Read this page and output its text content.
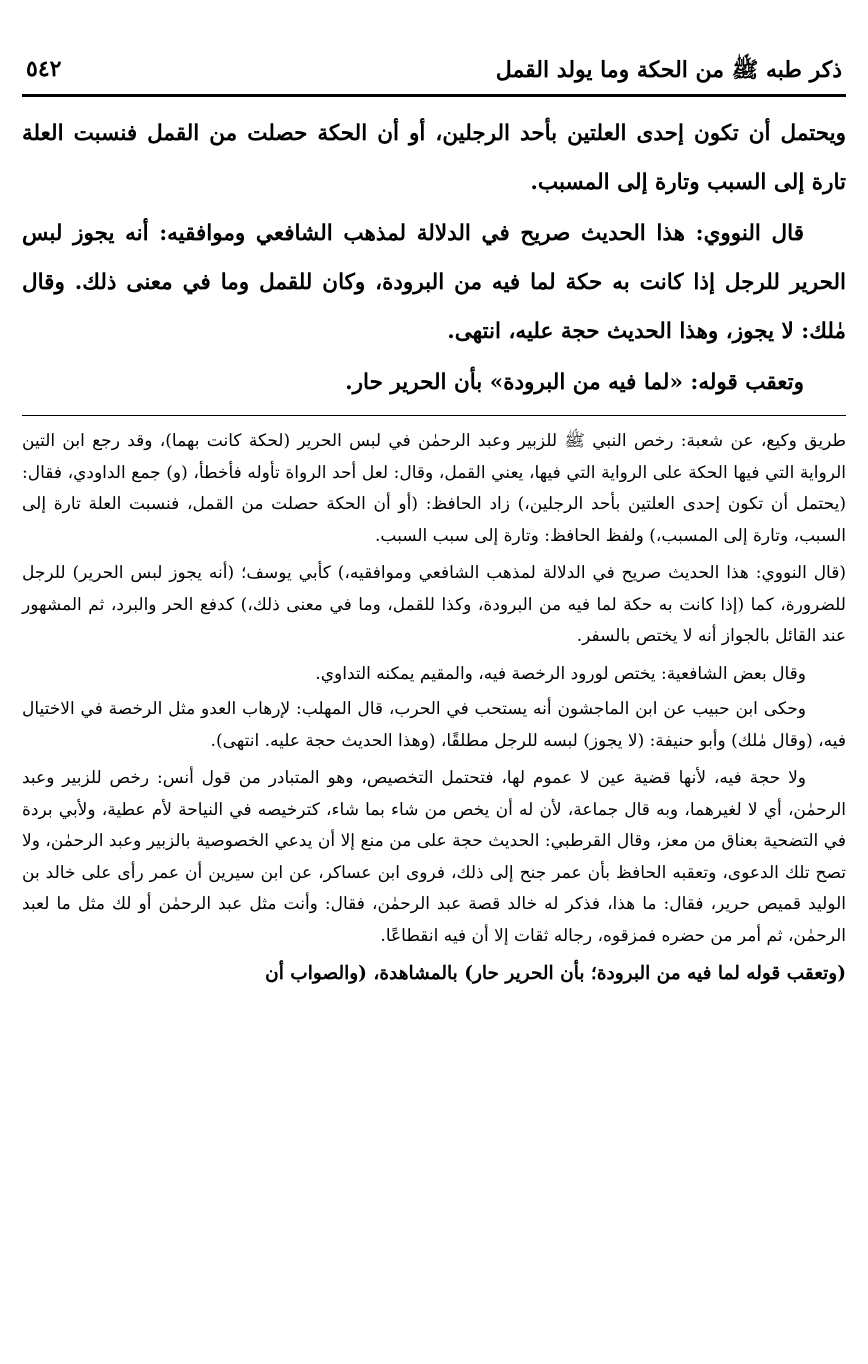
ذكر طبه ﷺ من الحكة وما يولد القمل
٥٤٢

ويحتمل أن تكون إحدى العلتين بأحد الرجلين، أو أن الحكة حصلت من القمل فنسبت العلة تارة إلى السبب وتارة إلى المسبب.

قال النووي: هذا الحديث صريح في الدلالة لمذهب الشافعي وموافقيه: أنه يجوز لبس الحرير للرجل إذا كانت به حكة لما فيه من البرودة، وكان للقمل وما في معنى ذلك. وقال مٰلك: لا يجوز، وهذا الحديث حجة عليه، انتهى.

وتعقب قوله: «لما فيه من البرودة» بأن الحرير حار.

طريق وكيع، عن شعبة: رخص النبي ﷺ للزبير وعبد الرحمٰن في لبس الحرير (لحكة كانت بهما)، وقد رجع ابن التين الرواية التي فيها الحكة على الرواية التي فيها، يعني القمل، وقال: لعل أحد الرواة تأوله فأخطأ، (و) جمع الداودي، فقال: (يحتمل أن تكون إحدى العلتين بأحد الرجلين،) زاد الحافظ: (أو أن الحكة حصلت من القمل، فنسبت العلة تارة إلى السبب، وتارة إلى المسبب،) ولفظ الحافظ: وتارة إلى سبب السبب.

(قال النووي: هذا الحديث صريح في الدلالة لمذهب الشافعي وموافقيه،) كأبي يوسف؛ (أنه يجوز لبس الحرير) للرجل للضرورة، كما (إذا كانت به حكة لما فيه من البرودة، وكذا للقمل، وما في معنى ذلك،) كدفع الحر والبرد، ثم المشهور عند القائل بالجواز أنه لا يختص بالسفر.

وقال بعض الشافعية: يختص لورود الرخصة فيه، والمقيم يمكنه التداوي.

وحكى ابن حبيب عن ابن الماجشون أنه يستحب في الحرب، قال المهلب: لإرهاب العدو مثل الرخصة في الاختيال فيه، (وقال مٰلك) وأبو حنيفة: (لا يجوز) لبسه للرجل مطلقًا، (وهذا الحديث حجة عليه. انتهى).

ولا حجة فيه، لأنها قضية عين لا عموم لها، فتحتمل التخصيص، وهو المتبادر من قول أنس: رخص للزبير وعبد الرحمٰن، أي لا لغيرهما، وبه قال جماعة، لأن له أن يخص من شاء بما شاء، كترخيصه في النياحة لأم عطية، ولأبي بردة في التضحية بعناق من معز، وقال القرطبي: الحديث حجة على من منع إلا أن يدعي الخصوصية بالزبير وعبد الرحمٰن، ولا تصح تلك الدعوى، وتعقبه الحافظ بأن عمر جنح إلى ذلك، فروى ابن عساكر، عن ابن سيرين أن عمر رأى على خالد بن الوليد قميص حرير، فقال: ما هذا، فذكر له خالد قصة عبد الرحمٰن، فقال: وأنت مثل عبد الرحمٰن أو لك مثل ما لعبد الرحمٰن، ثم أمر من حضره فمزقوه، رجاله ثقات إلا أن فيه انقطاعًا.

(وتعقب قوله لما فيه من البرودة؛ بأن الحرير حار) بالمشاهدة، (والصواب أن
